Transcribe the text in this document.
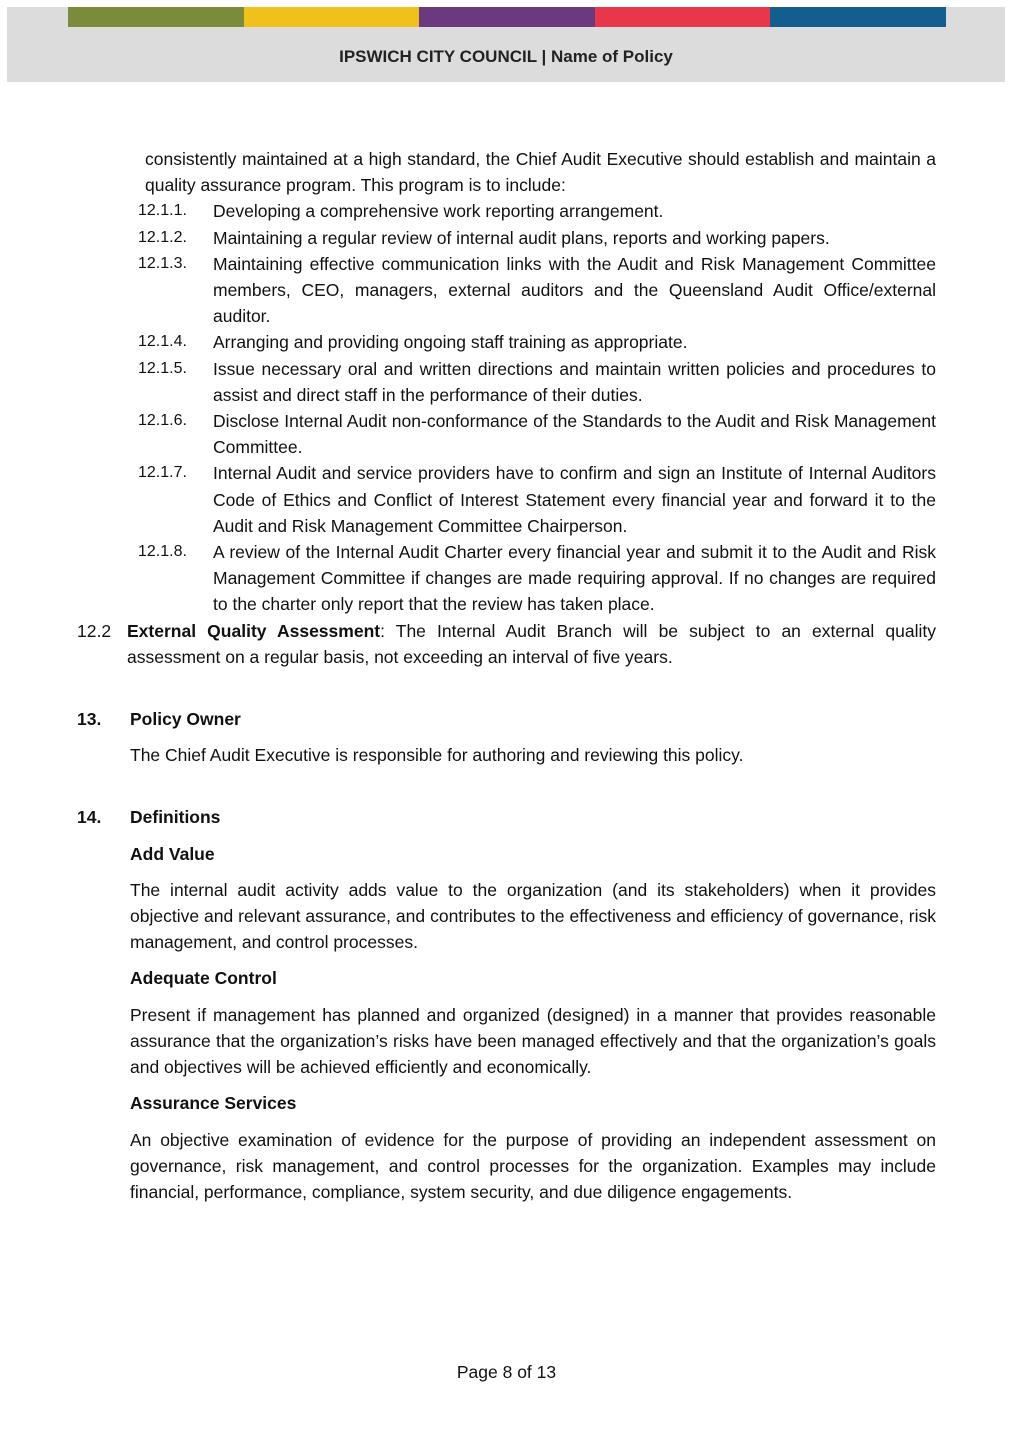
IPSWICH CITY COUNCIL | Name of Policy
consistently maintained at a high standard, the Chief Audit Executive should establish and maintain a quality assurance program. This program is to include:
12.1.1.	Developing a comprehensive work reporting arrangement.
12.1.2.	Maintaining a regular review of internal audit plans, reports and working papers.
12.1.3.	Maintaining effective communication links with the Audit and Risk Management Committee members, CEO, managers, external auditors and the Queensland Audit Office/external auditor.
12.1.4.	Arranging and providing ongoing staff training as appropriate.
12.1.5.	Issue necessary oral and written directions and maintain written policies and procedures to assist and direct staff in the performance of their duties.
12.1.6.	Disclose Internal Audit non-conformance of the Standards to the Audit and Risk Management Committee.
12.1.7.	Internal Audit and service providers have to confirm and sign an Institute of Internal Auditors Code of Ethics and Conflict of Interest Statement every financial year and forward it to the Audit and Risk Management Committee Chairperson.
12.1.8.	A review of the Internal Audit Charter every financial year and submit it to the Audit and Risk Management Committee if changes are made requiring approval. If no changes are required to the charter only report that the review has taken place.
12.2 External Quality Assessment: The Internal Audit Branch will be subject to an external quality assessment on a regular basis, not exceeding an interval of five years.
13.	Policy Owner
The Chief Audit Executive is responsible for authoring and reviewing this policy.
14.	Definitions
Add Value
The internal audit activity adds value to the organization (and its stakeholders) when it provides objective and relevant assurance, and contributes to the effectiveness and efficiency of governance, risk management, and control processes.
Adequate Control
Present if management has planned and organized (designed) in a manner that provides reasonable assurance that the organization’s risks have been managed effectively and that the organization’s goals and objectives will be achieved efficiently and economically.
Assurance Services
An objective examination of evidence for the purpose of providing an independent assessment on governance, risk management, and control processes for the organization. Examples may include financial, performance, compliance, system security, and due diligence engagements.
Page 8 of 13
